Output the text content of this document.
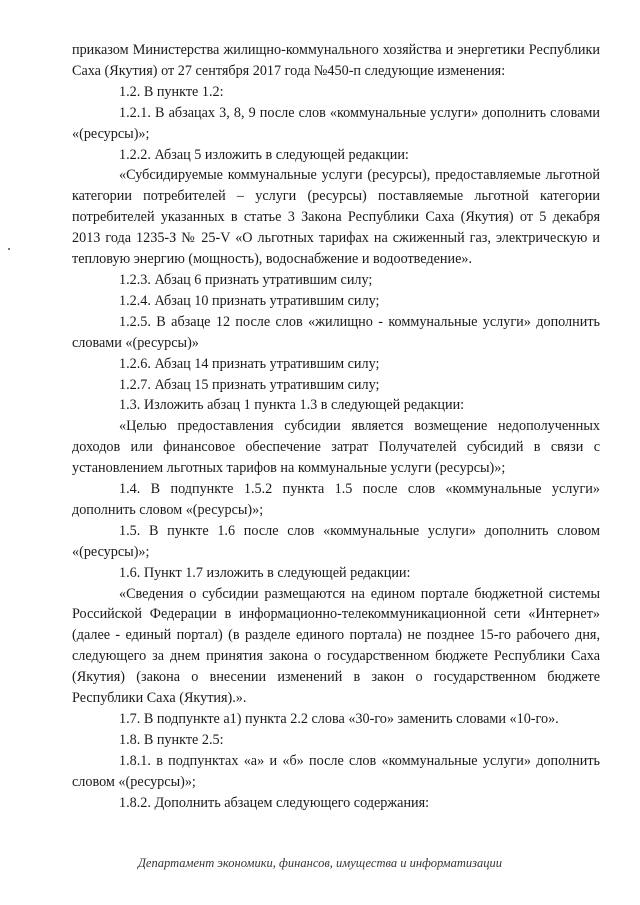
приказом Министерства жилищно-коммунального хозяйства и энергетики Республики Саха (Якутия) от 27 сентября 2017 года №450-п следующие изменения:

1.2. В пункте 1.2:

1.2.1. В абзацах 3, 8, 9 после слов «коммунальные услуги» дополнить словами «(ресурсы)»;

1.2.2. Абзац 5 изложить в следующей редакции:

«Субсидируемые коммунальные услуги (ресурсы), предоставляемые льготной категории потребителей – услуги (ресурсы) поставляемые льготной категории потребителей указанных в статье 3 Закона Республики Саха (Якутия) от 5 декабря 2013 года 1235-З № 25-V «О льготных тарифах на сжиженный газ, электрическую и тепловую энергию (мощность), водоснабжение и водоотведение».

1.2.3. Абзац 6 признать утратившим силу;

1.2.4. Абзац 10 признать утратившим силу;

1.2.5. В абзаце 12 после слов «жилищно - коммунальные услуги» дополнить словами «(ресурсы)»

1.2.6. Абзац 14 признать утратившим силу;

1.2.7. Абзац 15 признать утратившим силу;

1.3. Изложить абзац 1 пункта 1.3 в следующей редакции:

«Целью предоставления субсидии является возмещение недополученных доходов или финансовое обеспечение затрат Получателей субсидий в связи с установлением льготных тарифов на коммунальные услуги (ресурсы)»;

1.4. В подпункте 1.5.2 пункта 1.5 после слов «коммунальные услуги» дополнить словом «(ресурсы)»;

1.5. В пункте 1.6 после слов «коммунальные услуги» дополнить словом «(ресурсы)»;

1.6. Пункт 1.7 изложить в следующей редакции:

«Сведения о субсидии размещаются на едином портале бюджетной системы Российской Федерации в информационно-телекоммуникационной сети «Интернет» (далее - единый портал) (в разделе единого портала) не позднее 15-го рабочего дня, следующего за днем принятия закона о государственном бюджете Республики Саха (Якутия) (закона о внесении изменений в закон о государственном бюджете Республики Саха (Якутия).».

1.7. В подпункте а1) пункта 2.2 слова «30-го» заменить словами «10-го».

1.8. В пункте 2.5:

1.8.1. в подпунктах «а» и «б» после слов «коммунальные услуги» дополнить словом «(ресурсы)»;

1.8.2. Дополнить абзацем следующего содержания:

Департамент экономики, финансов, имущества и информатизации
